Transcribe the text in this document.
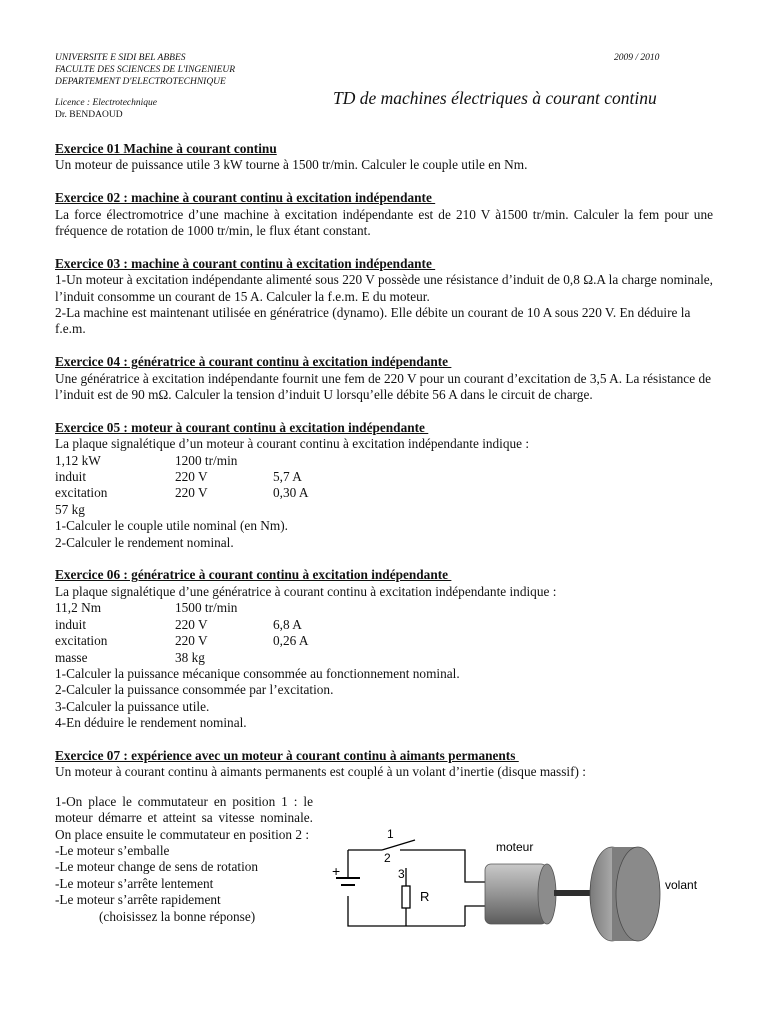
UNIVERSITE E SIDI BEL ABBES
FACULTE DES SCIENCES DE L'INGENIEUR
DEPARTEMENT D'ELECTROTECHNIQUE
Licence : Electrotechnique
Dr. BENDAOUD
2009 / 2010
TD de machines électriques à courant continu
Exercice 01 Machine à courant continu
Un moteur de puissance utile 3 kW tourne à 1500 tr/min. Calculer le couple utile en Nm.
Exercice 02 : machine à courant continu à excitation indépendante
La force électromotrice d’une machine à excitation indépendante est de 210 V à1500 tr/min. Calculer la fem pour une fréquence de rotation de 1000 tr/min, le flux étant constant.
Exercice 03 : machine à courant continu à excitation indépendante
1-Un moteur à excitation indépendante alimenté sous 220 V possède une résistance d’induit de 0,8 Ω.A la charge nominale, l’induit consomme un courant de 15 A. Calculer la f.e.m. E du moteur.
2-La machine est maintenant utilisée en génératrice (dynamo). Elle débite un courant de 10 A sous 220 V. En déduire la f.e.m.
Exercice 04 : génératrice à courant continu à excitation indépendante
Une génératrice à excitation indépendante fournit une fem de 220 V pour un courant d’excitation de 3,5 A. La résistance de l’induit est de 90 mΩ. Calculer la tension d’induit U lorsqu’elle débite 56 A dans le circuit de charge.
Exercice 05 : moteur à courant continu à excitation indépendante
La plaque signalétique d’un moteur à courant continu à excitation indépendante indique :
1,12 kW	1200 tr/min
induit	220 V	5,7 A
excitation	220 V	0,30 A
57 kg
1-Calculer le couple utile nominal (en Nm).
2-Calculer le rendement nominal.
Exercice 06 : génératrice à courant continu à excitation indépendante
La plaque signalétique d’une génératrice à courant continu à excitation indépendante indique :
11,2 Nm	1500 tr/min
induit	220 V	6,8 A
excitation	220 V	0,26 A
masse	38 kg
1-Calculer la puissance mécanique consommée au fonctionnement nominal.
2-Calculer la puissance consommée par l’excitation.
3-Calculer la puissance utile.
4-En déduire le rendement nominal.
Exercice 07 : expérience avec un moteur à courant continu à aimants permanents
Un moteur à courant continu à aimants permanents est couplé à un volant d’inertie (disque massif) :
1-On place le commutateur en position 1 : le moteur démarre et atteint sa vitesse nominale. On place ensuite le commutateur en position 2 :
-Le moteur s’emballe
-Le moteur change de sens de rotation
-Le moteur s’arrête lentement
-Le moteur s’arrête rapidement
(choisissez la bonne réponse)
1
2
3
+
R
moteur
volant
